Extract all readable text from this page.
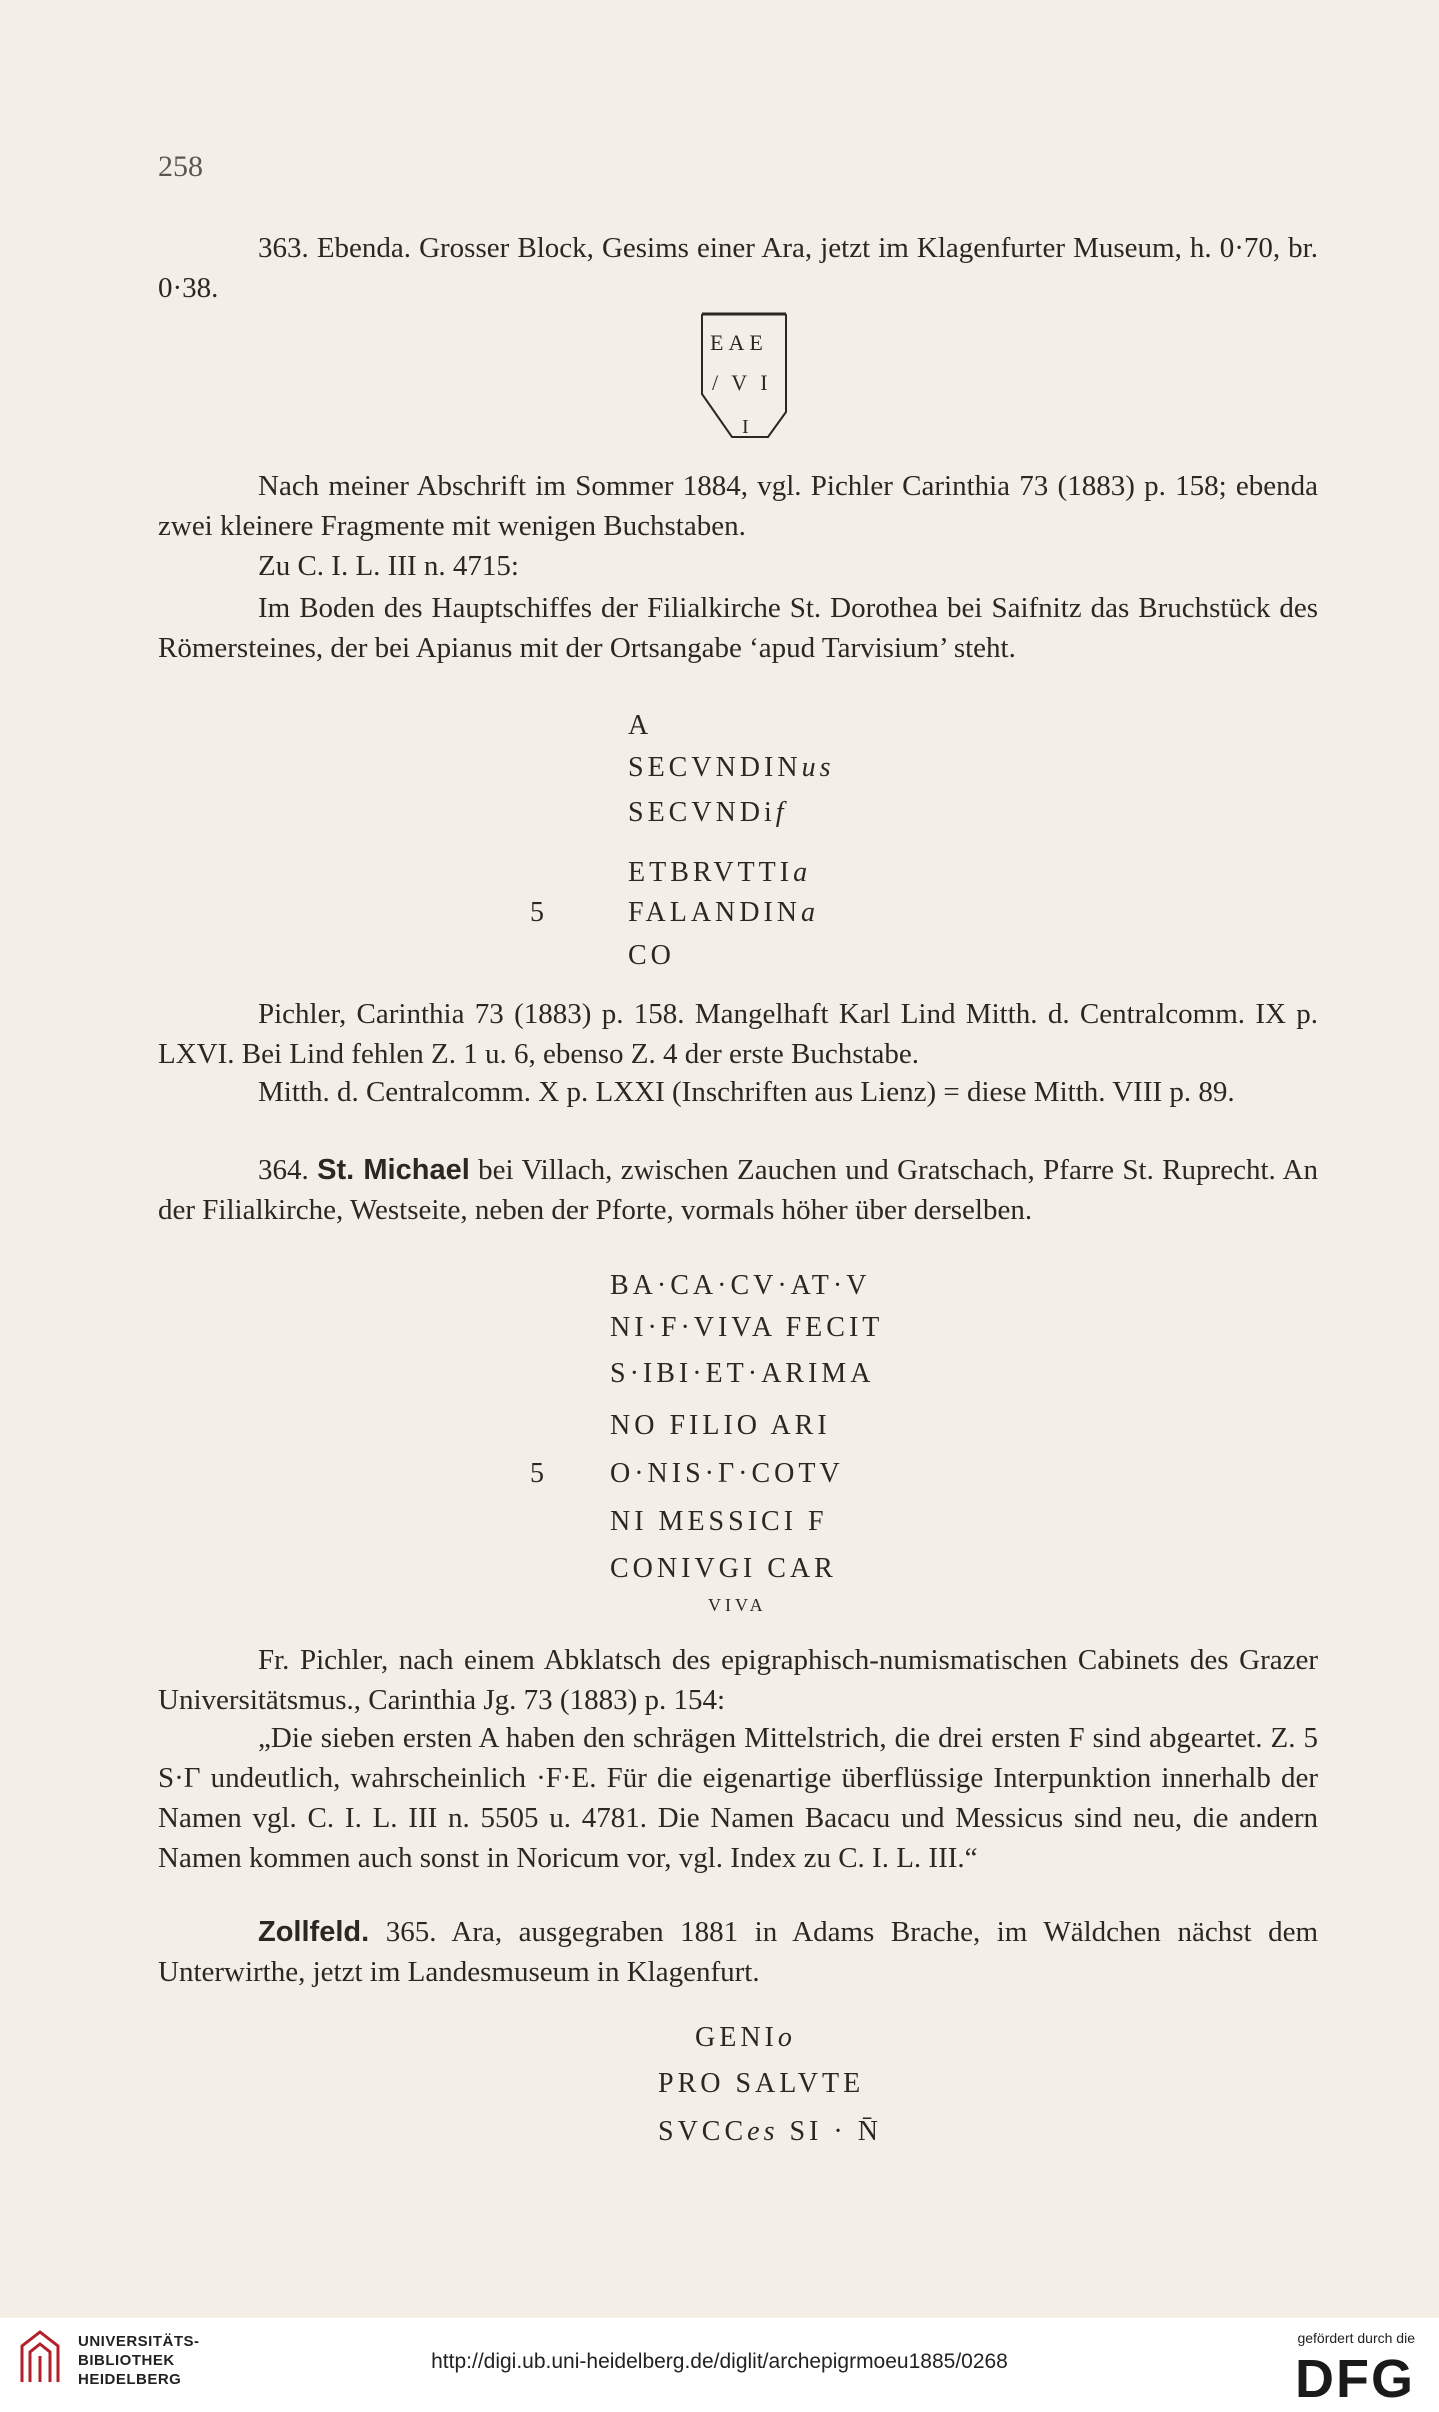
258
363. Ebenda. Grosser Block, Gesims einer Ara, jetzt im Klagenfurter Museum, h. 0·70, br. 0·38.
EAE
/ V I
I
Nach meiner Abschrift im Sommer 1884, vgl. Pichler Carinthia 73 (1883) p. 158; ebenda zwei kleinere Fragmente mit wenigen Buchstaben.
Zu C. I. L. III n. 4715:
Im Boden des Hauptschiffes der Filialkirche St. Dorothea bei Saifnitz das Bruchstück des Römersteines, der bei Apianus mit der Ortsangabe ‘apud Tarvisium’ steht.
A
SECVNDINus
SECVNDif
ETBRVTTIa
5	FALANDINa
CO
Pichler, Carinthia 73 (1883) p. 158. Mangelhaft Karl Lind Mitth. d. Centralcomm. IX p. LXVI. Bei Lind fehlen Z. 1 u. 6, ebenso Z. 4 der erste Buchstabe.
Mitth. d. Centralcomm. X p. LXXI (Inschriften aus Lienz) = diese Mitth. VIII p. 89.
364. St. Michael bei Villach, zwischen Zauchen und Gratschach, Pfarre St. Ruprecht. An der Filialkirche, Westseite, neben der Pforte, vormals höher über derselben.
BA·CA·CV·AT·V
NI·F·VIVA FECIT
S·IBI·ET·ARIMA
NO FILIO ARI
5 O·NIS·Γ·COTV
NI MESSICI F
CONIVGI CAR
VIVA
Fr. Pichler, nach einem Abklatsch des epigraphisch-numismatischen Cabinets des Grazer Universitätsmus., Carinthia Jg. 73 (1883) p. 154:
„Die sieben ersten A haben den schrägen Mittelstrich, die drei ersten F sind abgeartet. Z. 5 S·Γ undeutlich, wahrscheinlich ·F·E. Für die eigenartige überflüssige Interpunktion innerhalb der Namen vgl. C. I. L. III n. 5505 u. 4781. Die Namen Bacacu und Messicus sind neu, die andern Namen kommen auch sonst in Noricum vor, vgl. Index zu C. I. L. III.“
Zollfeld. 365. Ara, ausgegraben 1881 in Adams Brache, im Wäldchen nächst dem Unterwirthe, jetzt im Landesmuseum in Klagenfurt.
GENIo
PRO SALVTE
SVCCes SI · N̄
UNIVERSITÄTS-
BIBLIOTHEK
HEIDELBERG
http://digi.ub.uni-heidelberg.de/diglit/archepigrmoeu1885/0268
gefördert durch die
DFG
